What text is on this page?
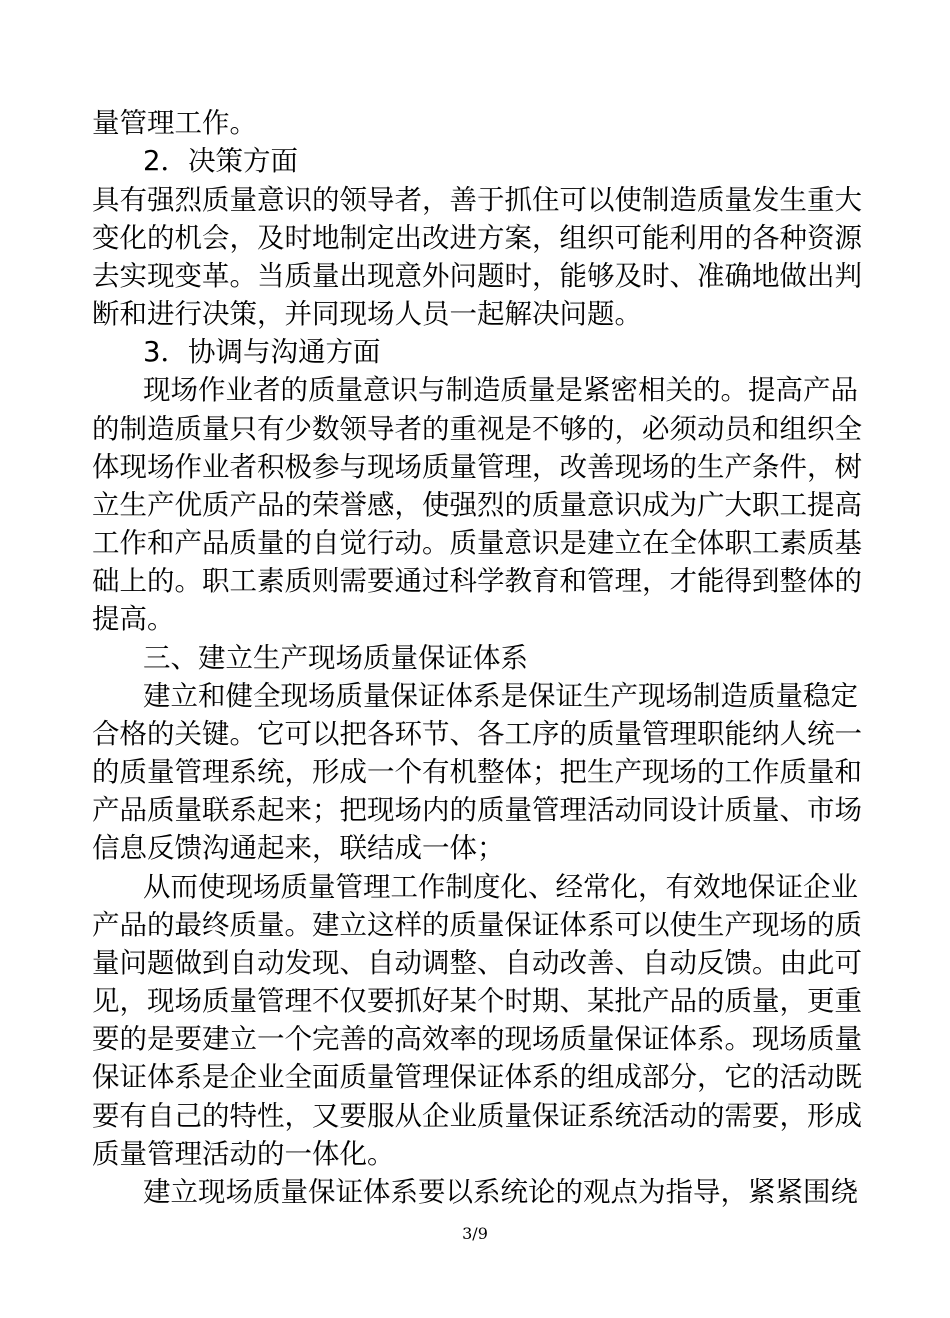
量管理工作。
2．决策方面
具有强烈质量意识的领导者，善于抓住可以使制造质量发生重大
变化的机会，及时地制定出改进方案，组织可能利用的各种资源
去实现变革。当质量出现意外问题时，能够及时、准确地做出判
断和进行决策，并同现场人员一起解决问题。
3．协调与沟通方面
现场作业者的质量意识与制造质量是紧密相关的。提高产品
的制造质量只有少数领导者的重视是不够的，必须动员和组织全
体现场作业者积极参与现场质量管理，改善现场的生产条件，树
立生产优质产品的荣誉感，使强烈的质量意识成为广大职工提高
工作和产品质量的自觉行动。质量意识是建立在全体职工素质基
础上的。职工素质则需要通过科学教育和管理，才能得到整体的
提高。
三、建立生产现场质量保证体系
建立和健全现场质量保证体系是保证生产现场制造质量稳定
合格的关键。它可以把各环节、各工序的质量管理职能纳人统一
的质量管理系统，形成一个有机整体；把生产现场的工作质量和
产品质量联系起来；把现场内的质量管理活动同设计质量、市场
信息反馈沟通起来，联结成一体；
从而使现场质量管理工作制度化、经常化，有效地保证企业
产品的最终质量。建立这样的质量保证体系可以使生产现场的质
量问题做到自动发现、自动调整、自动改善、自动反馈。由此可
见，现场质量管理不仅要抓好某个时期、某批产品的质量，更重
要的是要建立一个完善的高效率的现场质量保证体系。现场质量
保证体系是企业全面质量管理保证体系的组成部分，它的活动既
要有自己的特性，又要服从企业质量保证系统活动的需要，形成
质量管理活动的一体化。
建立现场质量保证体系要以系统论的观点为指导，紧紧围绕
3/9
